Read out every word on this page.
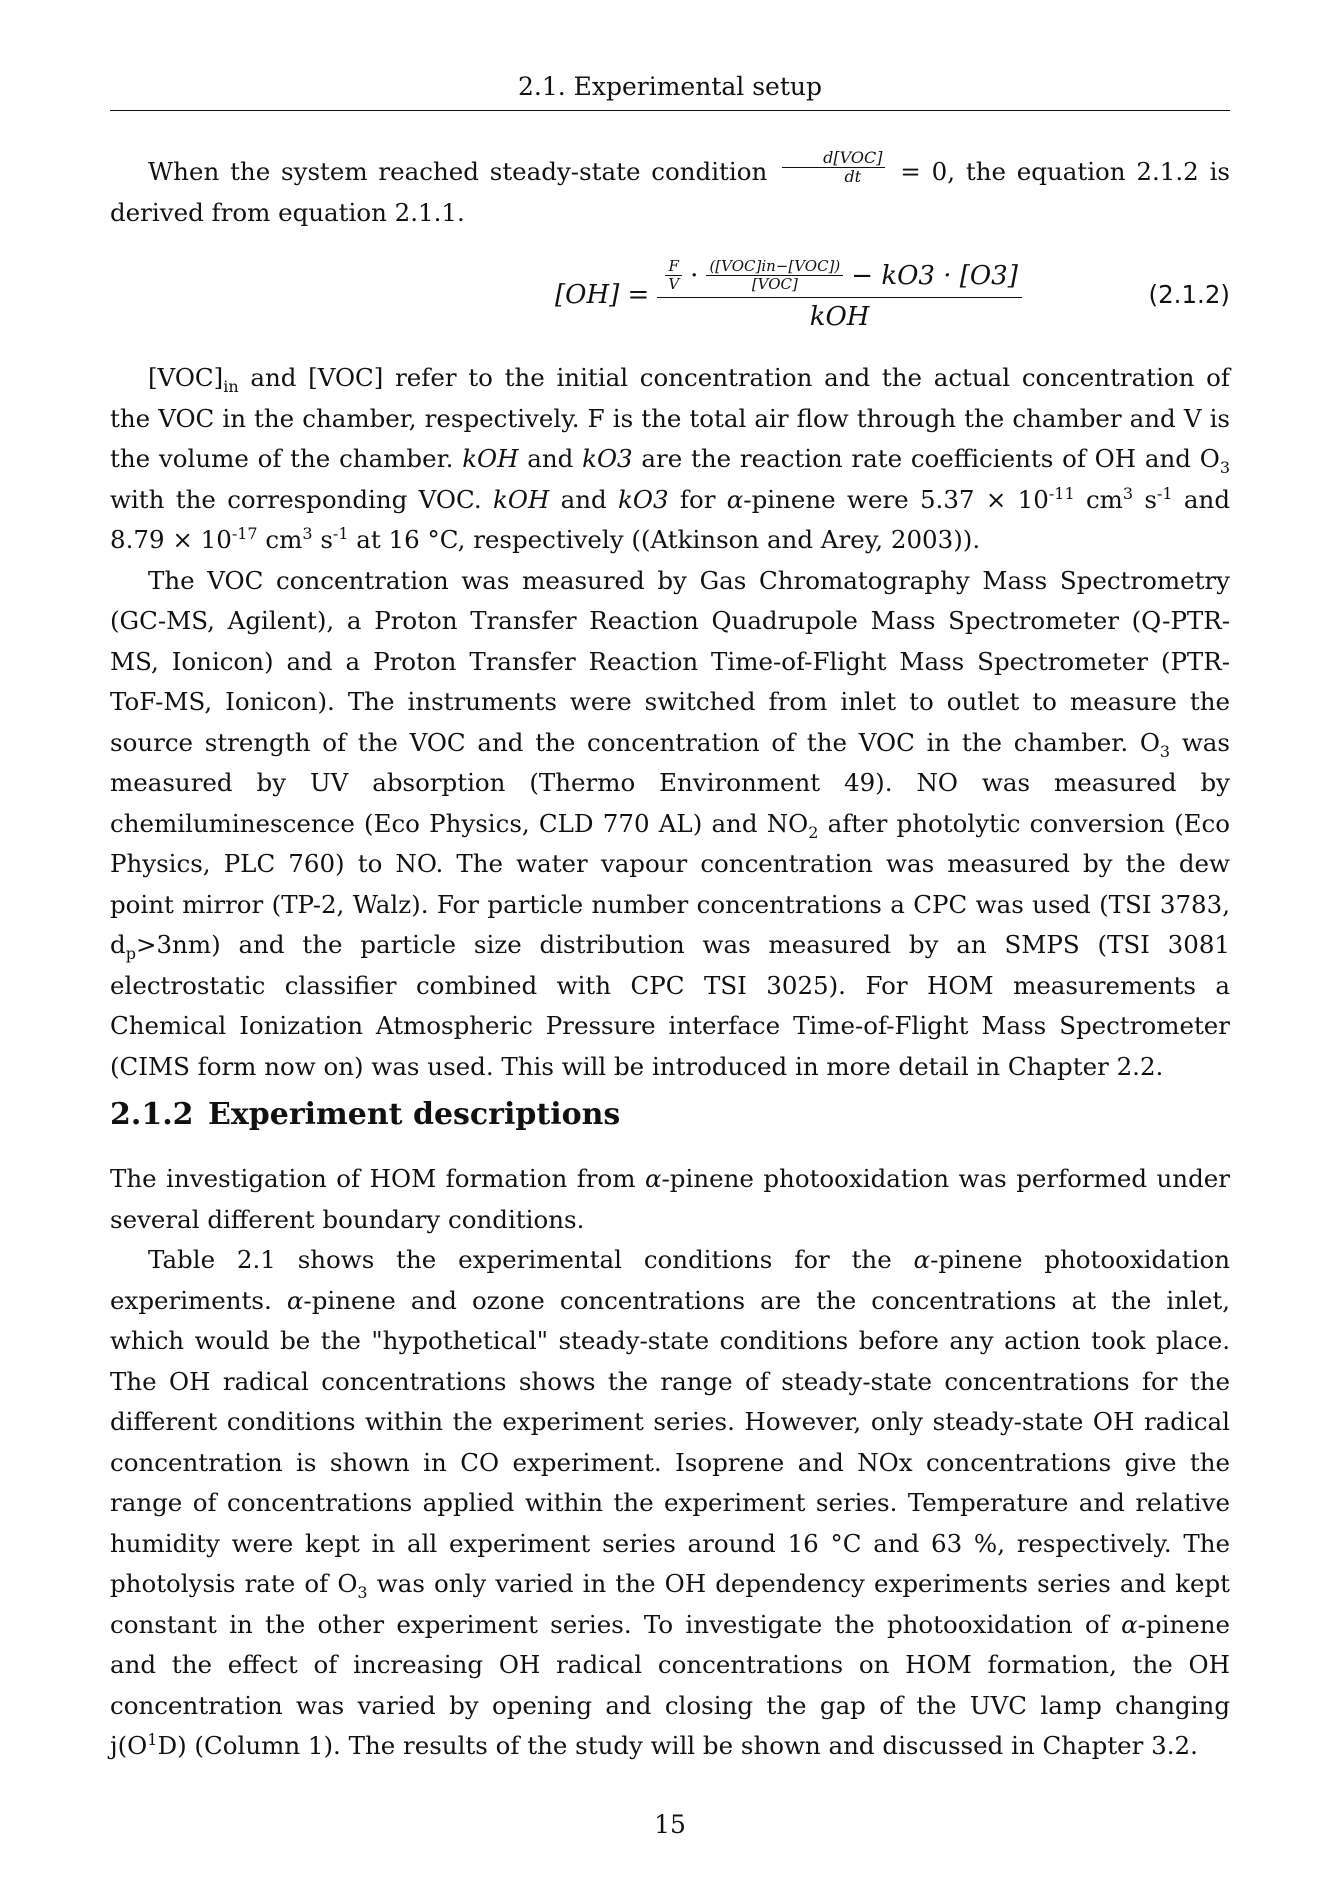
2.1. Experimental setup

When the system reached steady-state condition $\frac{\text{d[VOC]}}{dt} = 0$, the equation 2.1.2 is derived from equation 2.1.1.

[OH] =
$\frac{F}{V} \cdot \frac{\text{([VOC]in−[VOC])}}{\text{[VOC]}} - kO3 \cdot [O3]$
kOH
(2.1.2)

$[VOC]_{in}$ and [VOC] refer to the initial concentration and the actual concentration of the VOC in the chamber, respectively. F is the total air flow through the chamber and V is the volume of the chamber. kOH and kO3 are the reaction rate coefficients of OH and $O_3$ with the corresponding VOC. kOH and kO3 for α-pinene were $5.37 \times 10^{-11}$ $cm^3$ $s^{-1}$ and $8.79 \times 10^{-17}$ $cm^3$ $s^{-1}$ at 16 °C, respectively ((Atkinson and Arey, 2003)).

The VOC concentration was measured by Gas Chromatography Mass Spectrometry (GC-MS, Agilent), a Proton Transfer Reaction Quadrupole Mass Spectrometer (Q-PTR-MS, Ionicon) and a Proton Transfer Reaction Time-of-Flight Mass Spectrometer (PTR-ToF-MS, Ionicon). The instruments were switched from inlet to outlet to measure the source strength of the VOC and the concentration of the VOC in the chamber. $O_3$ was measured by UV absorption (Thermo Environment 49). NO was measured by chemiluminescence (Eco Physics, CLD 770 AL) and $NO_2$ after photolytic conversion (Eco Physics, PLC 760) to NO. The water vapour concentration was measured by the dew point mirror (TP-2, Walz). For particle number concentrations a CPC was used (TSI 3783, $d_p>3nm$) and the particle size distribution was measured by an SMPS (TSI 3081 electrostatic classifier combined with CPC TSI 3025). For HOM measurements a Chemical Ionization Atmospheric Pressure interface Time-of-Flight Mass Spectrometer (CIMS form now on) was used. This will be introduced in more detail in Chapter 2.2.

2.1.2 Experiment descriptions

The investigation of HOM formation from α-pinene photooxidation was performed under several different boundary conditions.

Table 2.1 shows the experimental conditions for the α-pinene photooxidation experiments. α-pinene and ozone concentrations are the concentrations at the inlet, which would be the "hypothetical" steady-state conditions before any action took place. The OH radical concentrations shows the range of steady-state concentrations for the different conditions within the experiment series. However, only steady-state OH radical concentration is shown in CO experiment. Isoprene and NOx concentrations give the range of concentrations applied within the experiment series. Temperature and relative humidity were kept in all experiment series around 16 °C and 63 %, respectively. The photolysis rate of $O_3$ was only varied in the OH dependency experiments series and kept constant in the other experiment series. To investigate the photooxidation of α-pinene and the effect of increasing OH radical concentrations on HOM formation, the OH concentration was varied by opening and closing the gap of the UVC lamp changing $j(O^1D)$ (Column 1). The results of the study will be shown and discussed in Chapter 3.2.

15
